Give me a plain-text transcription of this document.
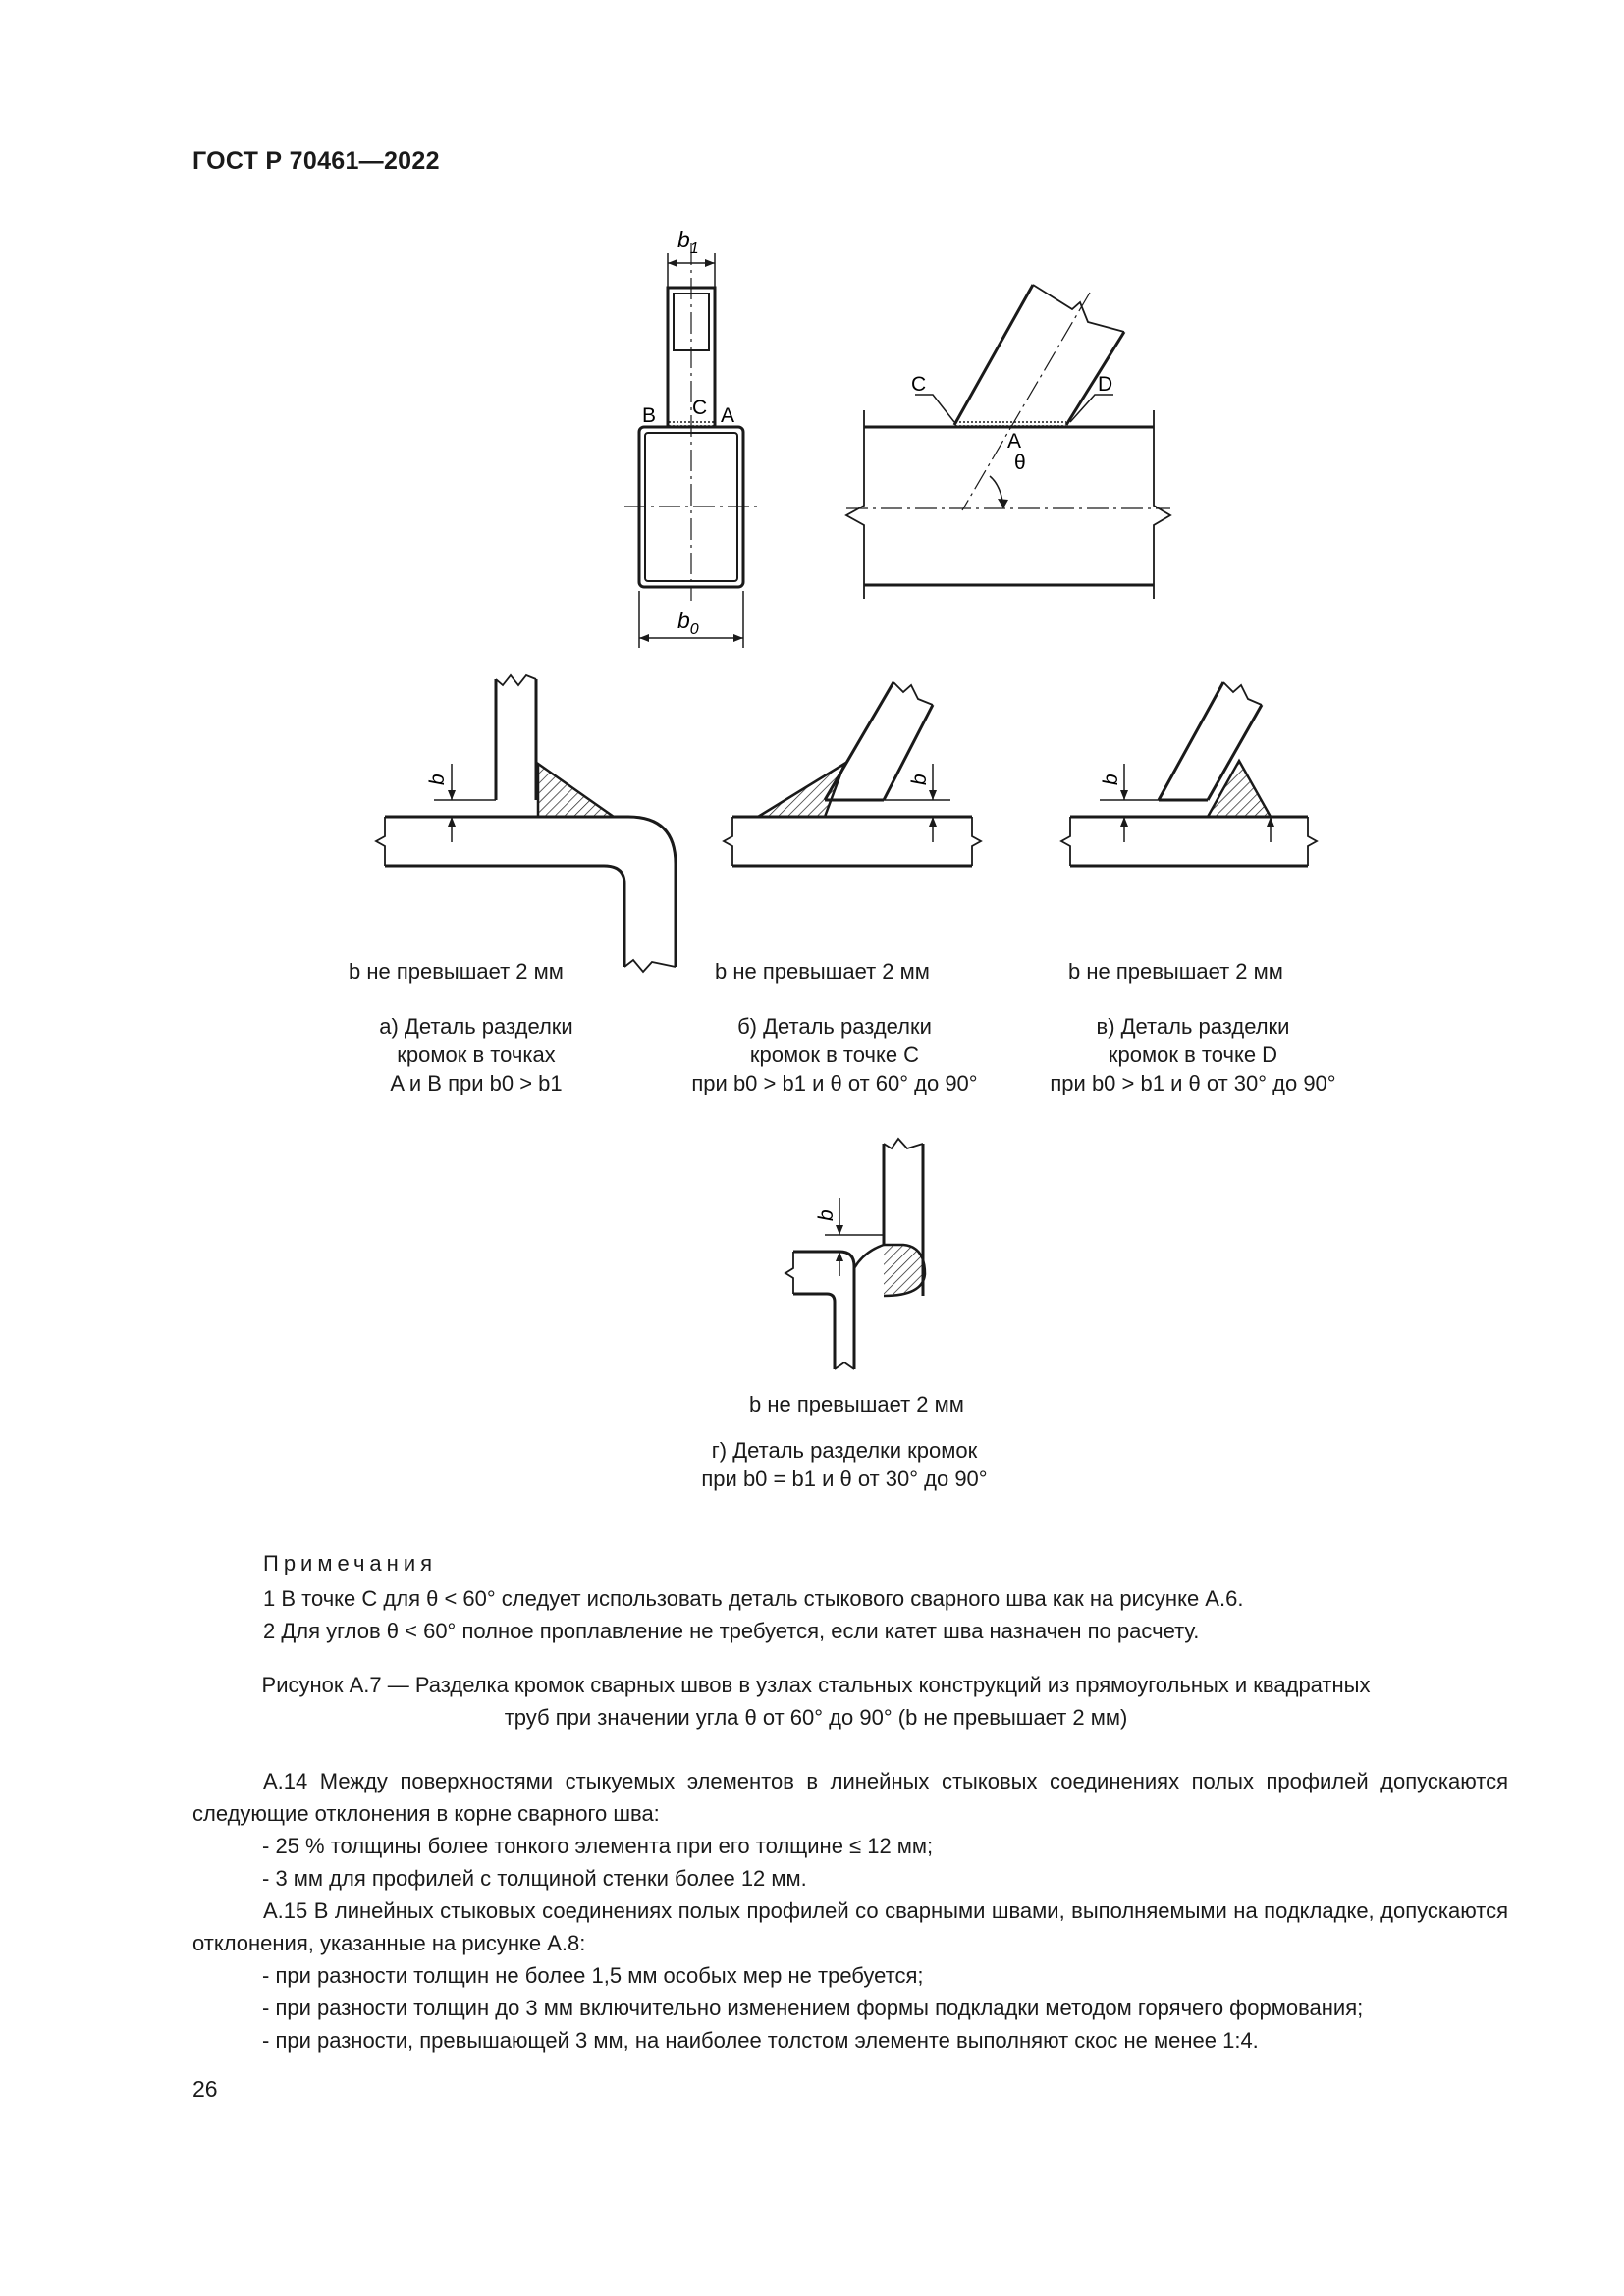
ГОСТ Р 70461—2022
$b_1$
$b_0$
B C A
C	D
A
θ
b	b	b
b
b не превышает 2 мм
а) Деталь разделки
кромок в точках
A и B при b0 > b1
b не превышает 2 мм
б) Деталь разделки
кромок в точке C
при b0 > b1 и θ от 60° до 90°
b не превышает 2 мм
в) Деталь разделки
кромок в точке D
при b0 > b1 и θ от 30° до 90°
b не превышает 2 мм
г) Деталь разделки кромок
при b0 = b1 и θ от 30° до 90°
Примечания
1 В точке С для θ < 60° следует использовать деталь стыкового сварного шва как на рисунке А.6.
2 Для углов θ < 60° полное проплавление не требуется, если катет шва назначен по расчету.
Рисунок А.7 — Разделка кромок сварных швов в узлах стальных конструкций из прямоугольных и квадратных
труб при значении угла θ от 60° до 90° (b не превышает 2 мм)
А.14 Между поверхностями стыкуемых элементов в линейных стыковых соединениях полых профилей допускаются следующие отклонения в корне сварного шва:
- 25 % толщины более тонкого элемента при его толщине ≤ 12 мм;
- 3 мм для профилей с толщиной стенки более 12 мм.
А.15 В линейных стыковых соединениях полых профилей со сварными швами, выполняемыми на подкладке, допускаются отклонения, указанные на рисунке А.8:
- при разности толщин не более 1,5 мм особых мер не требуется;
- при разности толщин до 3 мм включительно изменением формы подкладки методом горячего формования;
- при разности, превышающей 3 мм, на наиболее толстом элементе выполняют скос не менее 1:4.
26
